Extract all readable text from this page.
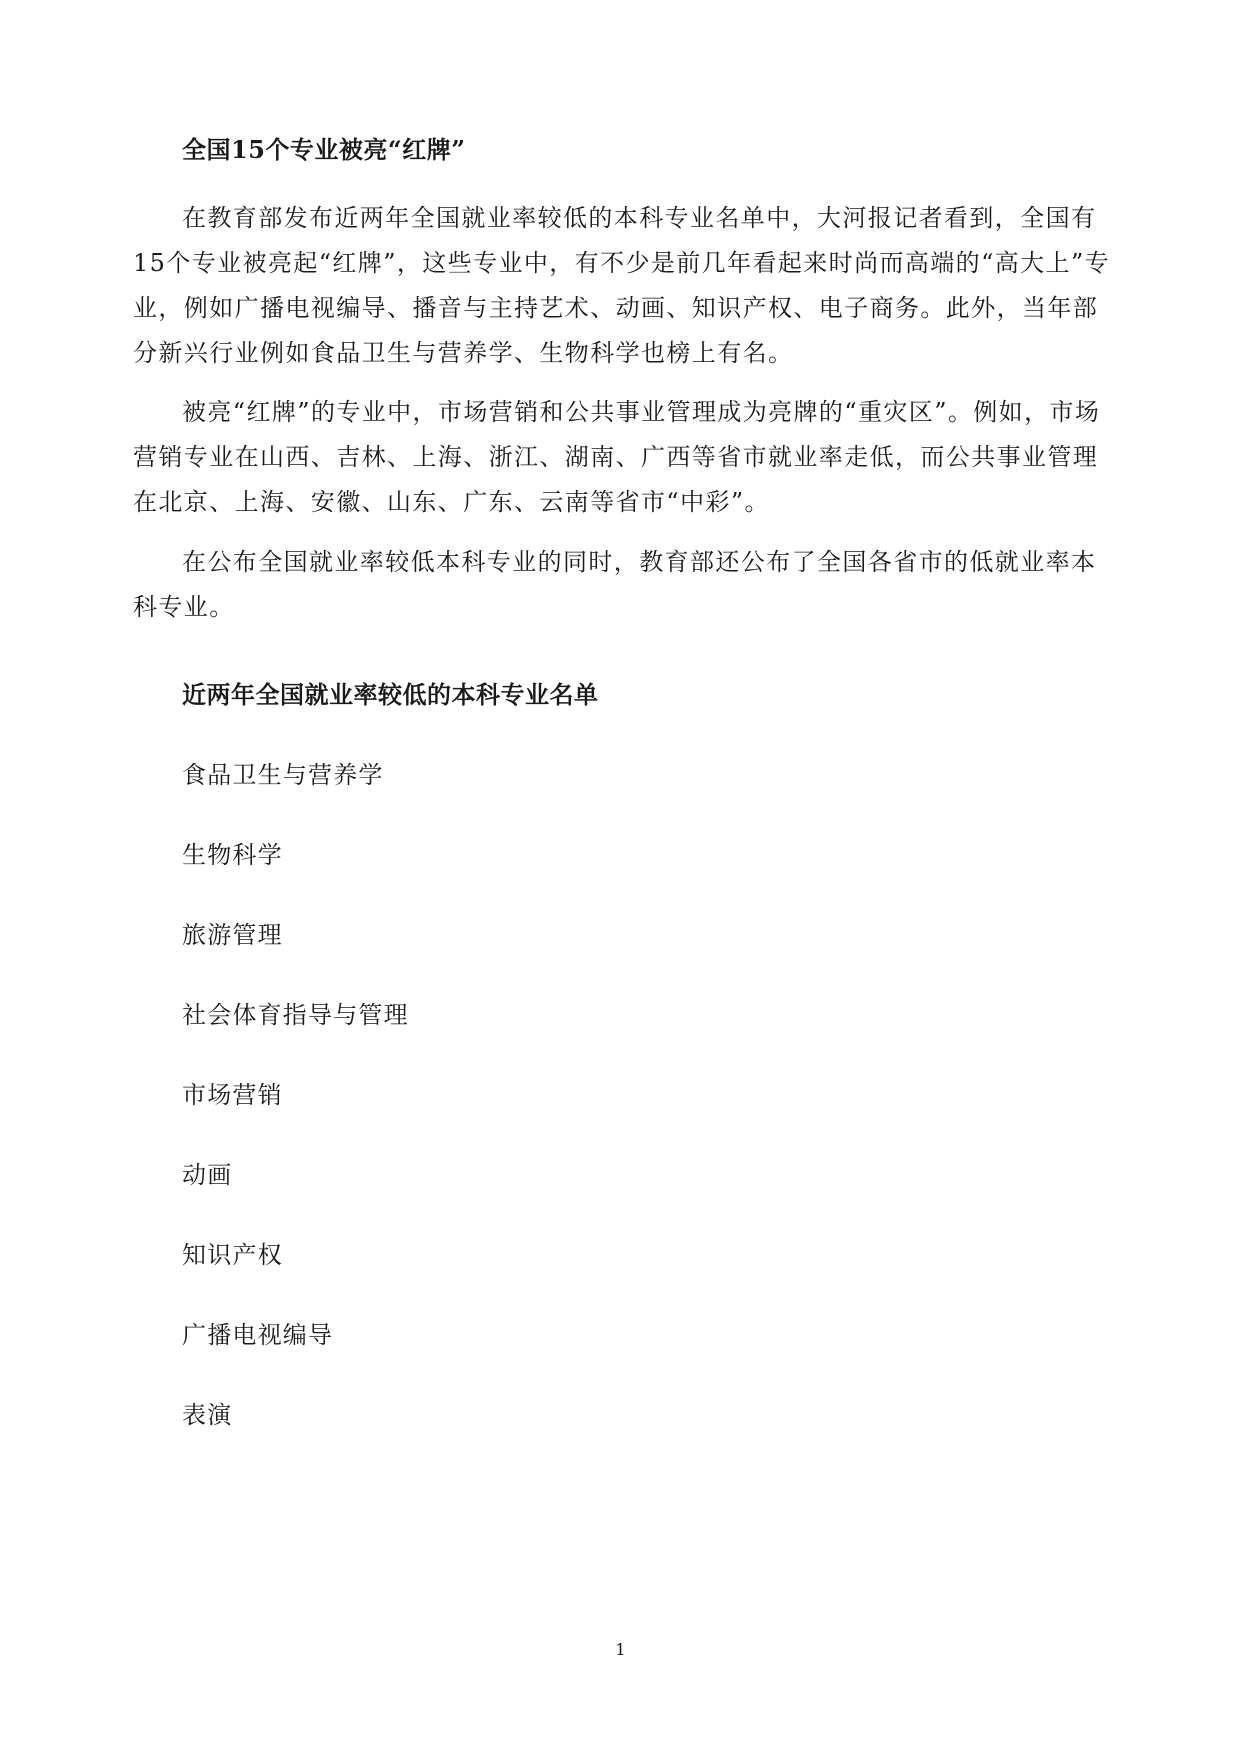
全国15个专业被亮“红牌”

在教育部发布近两年全国就业率较低的本科专业名单中，大河报记者看到，全国有15个专业被亮起“红牌”，这些专业中，有不少是前几年看起来时尚而高端的“高大上”专业，例如广播电视编导、播音与主持艺术、动画、知识产权、电子商务。此外，当年部分新兴行业例如食品卫生与营养学、生物科学也榜上有名。

被亮“红牌”的专业中，市场营销和公共事业管理成为亮牌的“重灾区”。例如，市场营销专业在山西、吉林、上海、浙江、湖南、广西等省市就业率走低，而公共事业管理在北京、上海、安徽、山东、广东、云南等省市“中彩”。

在公布全国就业率较低本科专业的同时，教育部还公布了全国各省市的低就业率本科专业。

近两年全国就业率较低的本科专业名单
食品卫生与营养学
生物科学
旅游管理
社会体育指导与管理
市场营销
动画
知识产权
广播电视编导
表演
1
